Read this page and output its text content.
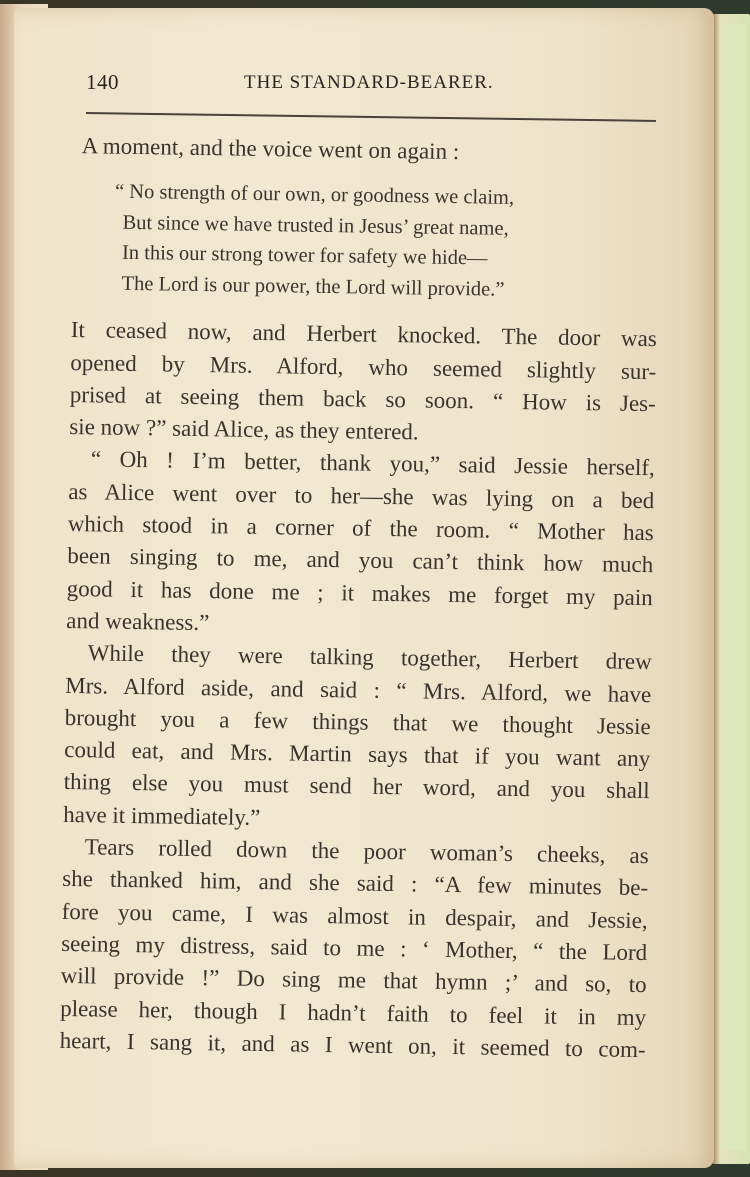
140	THE STANDARD-BEARER.
A moment, and the voice went on again :
“ No strength of our own, or goodness we claim,
But since we have trusted in Jesus’ great name,
In this our strong tower for safety we hide—
The Lord is our power, the Lord will provide.”
It ceased now, and Herbert knocked. The door was
opened by Mrs. Alford, who seemed slightly sur-
prised at seeing them back so soon. “ How is Jes-
sie now ?” said Alice, as they entered.
“ Oh ! I’m better, thank you,” said Jessie herself,
as Alice went over to her—she was lying on a bed
which stood in a corner of the room. “ Mother has
been singing to me, and you can’t think how much
good it has done me ; it makes me forget my pain
and weakness.”
While they were talking together, Herbert drew
Mrs. Alford aside, and said : “ Mrs. Alford, we have
brought you a few things that we thought Jessie
could eat, and Mrs. Martin says that if you want any
thing else you must send her word, and you shall
have it immediately.”
Tears rolled down the poor woman’s cheeks, as
she thanked him, and she said : “A few minutes be-
fore you came, I was almost in despair, and Jessie,
seeing my distress, said to me : ‘ Mother, “ the Lord
will provide !” Do sing me that hymn ;’ and so, to
please her, though I hadn’t faith to feel it in my
heart, I sang it, and as I went on, it seemed to com-
